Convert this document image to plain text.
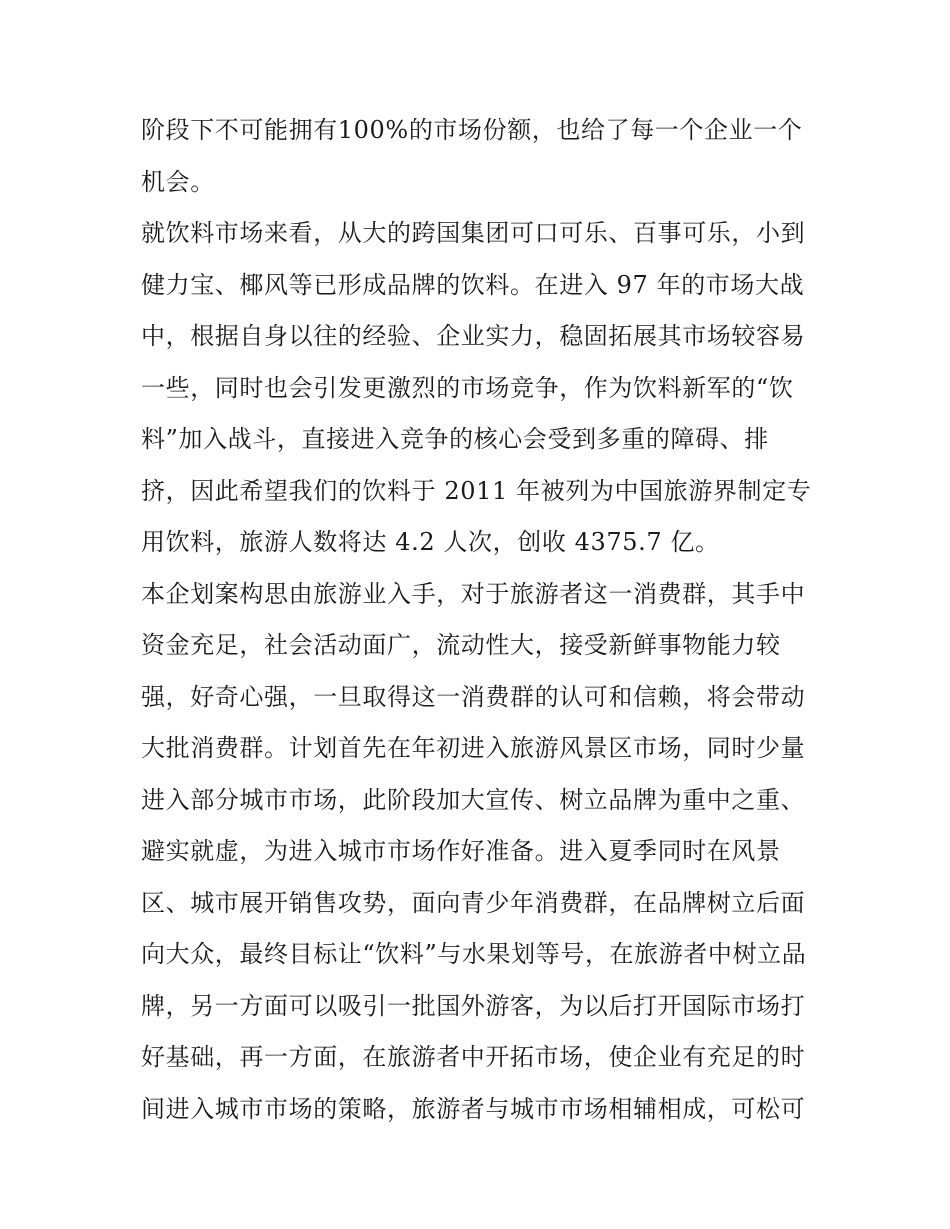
阶段下不可能拥有100%的市场份额，也给了每一个企业一个
机会。
就饮料市场来看，从大的跨国集团可口可乐、百事可乐，小到
健力宝、椰风等已形成品牌的饮料。在进入 97 年的市场大战
中，根据自身以往的经验、企业实力，稳固拓展其市场较容易
一些，同时也会引发更激烈的市场竞争，作为饮料新军的“饮
料”加入战斗，直接进入竞争的核心会受到多重的障碍、排
挤，因此希望我们的饮料于 2011 年被列为中国旅游界制定专
用饮料，旅游人数将达 4.2 人次，创收 4375.7 亿。
本企划案构思由旅游业入手，对于旅游者这一消费群，其手中
资金充足，社会活动面广，流动性大，接受新鲜事物能力较
强，好奇心强，一旦取得这一消费群的认可和信赖，将会带动
大批消费群。计划首先在年初进入旅游风景区市场，同时少量
进入部分城市市场，此阶段加大宣传、树立品牌为重中之重、
避实就虚，为进入城市市场作好准备。进入夏季同时在风景
区、城市展开销售攻势，面向青少年消费群，在品牌树立后面
向大众，最终目标让“饮料”与水果划等号，在旅游者中树立品
牌，另一方面可以吸引一批国外游客，为以后打开国际市场打
好基础，再一方面，在旅游者中开拓市场，使企业有充足的时
间进入城市市场的策略，旅游者与城市市场相辅相成，可松可
